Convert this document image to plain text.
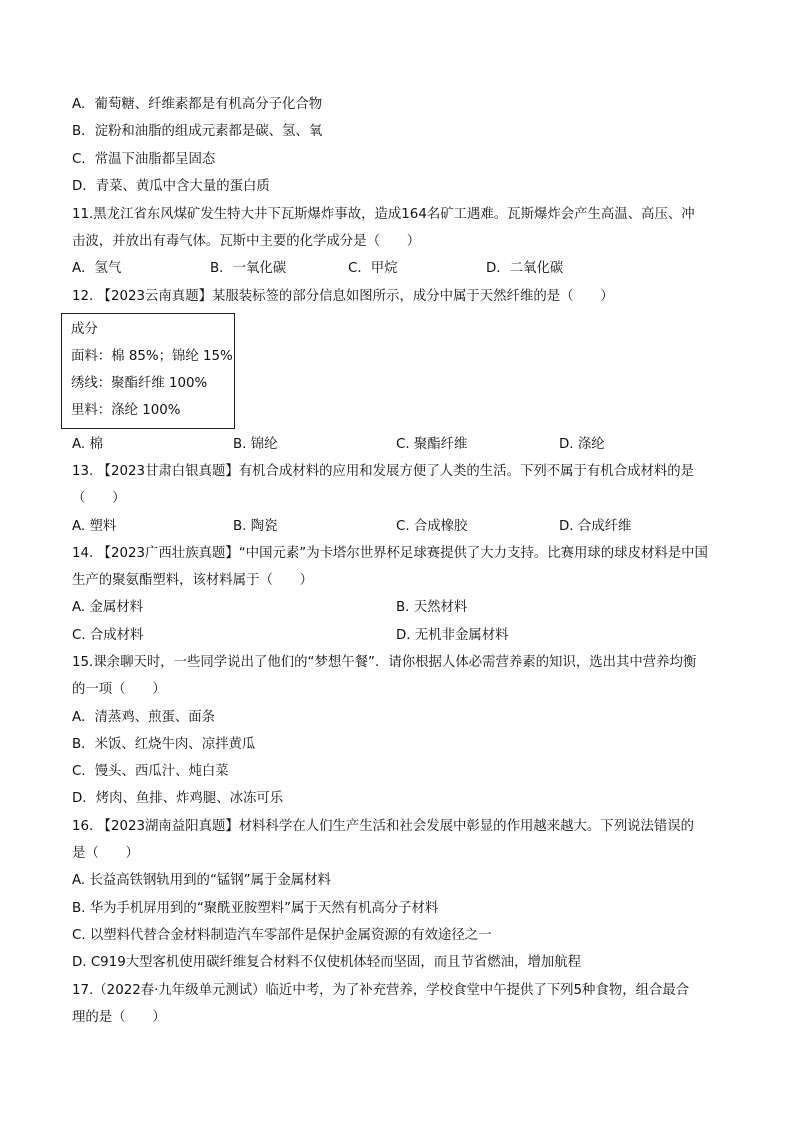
A．葡萄糖、纤维素都是有机高分子化合物
B．淀粉和油脂的组成元素都是碳、氢、氧
C．常温下油脂都呈固态
D．青菜、黄瓜中含大量的蛋白质
11.黑龙江省东风煤矿发生特大井下瓦斯爆炸事故，造成164名矿工遇难。瓦斯爆炸会产生高温、高压、冲
击波，并放出有毒气体。瓦斯中主要的化学成分是（　　）
A．氢气	B．一氧化碳	C．甲烷	D．二氧化碳
12. 【2023云南真题】某服装标签的部分信息如图所示，成分中属于天然纤维的是（　　）
成分
面料：棉 85%；锦纶 15%
绣线：聚酯纤维 100%
里料：涤纶 100%
A. 棉	B. 锦纶	C. 聚酯纤维	D. 涤纶
13. 【2023甘肃白银真题】有机合成材料的应用和发展方便了人类的生活。下列不属于有机合成材料的是
（　　）
A. 塑料	B. 陶瓷	C. 合成橡胶	D. 合成纤维
14. 【2023广西壮族真题】“中国元素”为卡塔尔世界杯足球赛提供了大力支持。比赛用球的球皮材料是中国
生产的聚氨酯塑料，该材料属于（　　）
A. 金属材料	B. 天然材料
C. 合成材料	D. 无机非金属材料
15.课余聊天时，一些同学说出了他们的“梦想午餐”．请你根据人体必需营养素的知识，选出其中营养均衡
的一项（　　）
A．清蒸鸡、煎蛋、面条
B．米饭、红烧牛肉、凉拌黄瓜
C．馒头、西瓜汁、炖白菜
D．烤肉、鱼排、炸鸡腿、冰冻可乐
16. 【2023湖南益阳真题】材料科学在人们生产生活和社会发展中彰显的作用越来越大。下列说法错误的
是（　　）
A. 长益高铁钢轨用到的“锰钢”属于金属材料
B. 华为手机屏用到的“聚酰亚胺塑料”属于天然有机高分子材料
C. 以塑料代替合金材料制造汽车零部件是保护金属资源的有效途径之一
D. C919大型客机使用碳纤维复合材料不仅使机体轻而坚固，而且节省燃油，增加航程
17.（2022春·九年级单元测试）临近中考，为了补充营养，学校食堂中午提供了下列5种食物，组合最合
理的是（　　）
